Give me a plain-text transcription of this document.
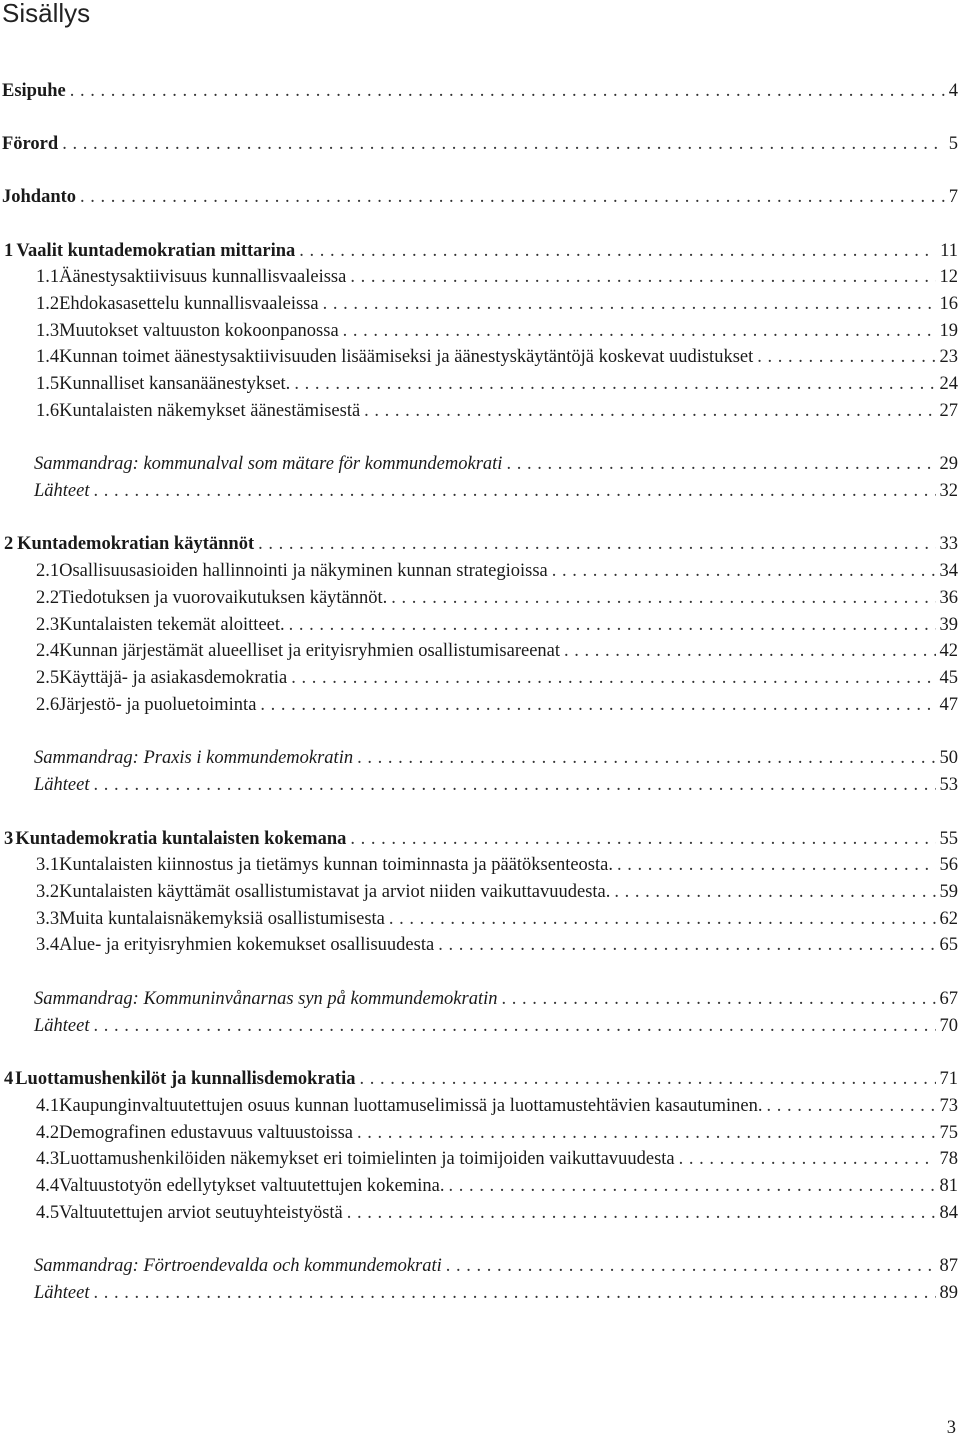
Sisällys
Esipuhe . . .	4
Förord . . .	5
Johdanto . . .	7
1 Vaalit kuntademokratian mittarina . . .	11
1.1 Äänestysaktiivisuus kunnallisvaaleissa . . .	12
1.2 Ehdokasasettelu kunnallisvaaleissa . . .	16
1.3 Muutokset valtuuston kokoonpanossa . . .	19
1.4 Kunnan toimet äänestysaktiivisuuden lisäämiseksi ja äänestyskäytäntöjä koskevat uudistukset . . .	23
1.5 Kunnalliset kansanäänestykset. . . .	24
1.6 Kuntalaisten näkemykset äänestämisestä . . .	27
Sammandrag: kommunalval som mätare för kommundemokrati . . .	29
Lähteet . . .	32
2 Kuntademokratian käytännöt . . .	33
2.1 Osallisuusasioiden hallinnointi ja näkyminen kunnan strategioissa . . .	34
2.2 Tiedotuksen ja vuorovaikutuksen käytännöt. . . .	36
2.3 Kuntalaisten tekemät aloitteet. . . .	39
2.4 Kunnan järjestämät alueelliset ja erityisryhmien osallistumisareenat . . .	42
2.5 Käyttäjä- ja asiakasdemokratia . . .	45
2.6 Järjestö- ja puoluetoiminta . . .	47
Sammandrag: Praxis i kommundemokratin . . .	50
Lähteet . . .	53
3 Kuntademokratia kuntalaisten kokemana . . .	55
3.1 Kuntalaisten kiinnostus ja tietämys kunnan toiminnasta ja päätöksenteosta. . . .	56
3.2 Kuntalaisten käyttämät osallistumistavat ja arviot niiden vaikuttavuudesta. . . .	59
3.3 Muita kuntalaisnäkemyksiä osallistumisesta . . .	62
3.4 Alue- ja erityisryhmien kokemukset osallisuudesta . . .	65
Sammandrag: Kommuninvånarnas syn på kommundemokratin . . .	67
Lähteet . . .	70
4 Luottamushenkilöt ja kunnallisdemokratia . . .	71
4.1 Kaupunginvaltuutettujen osuus kunnan luottamuselimissä ja luottamustehtävien kasautuminen. . . .	73
4.2 Demografinen edustavuus valtuustoissa . . .	75
4.3 Luottamushenkilöiden näkemykset eri toimielinten ja toimijoiden vaikuttavuudesta . . .	78
4.4 Valtuustotyön edellytykset valtuutettujen kokemina. . . .	81
4.5 Valtuutettujen arviot seutuyhteistyöstä . . .	84
Sammandrag: Förtroendevalda och kommundemokrati . . .	87
Lähteet . . .	89
3
